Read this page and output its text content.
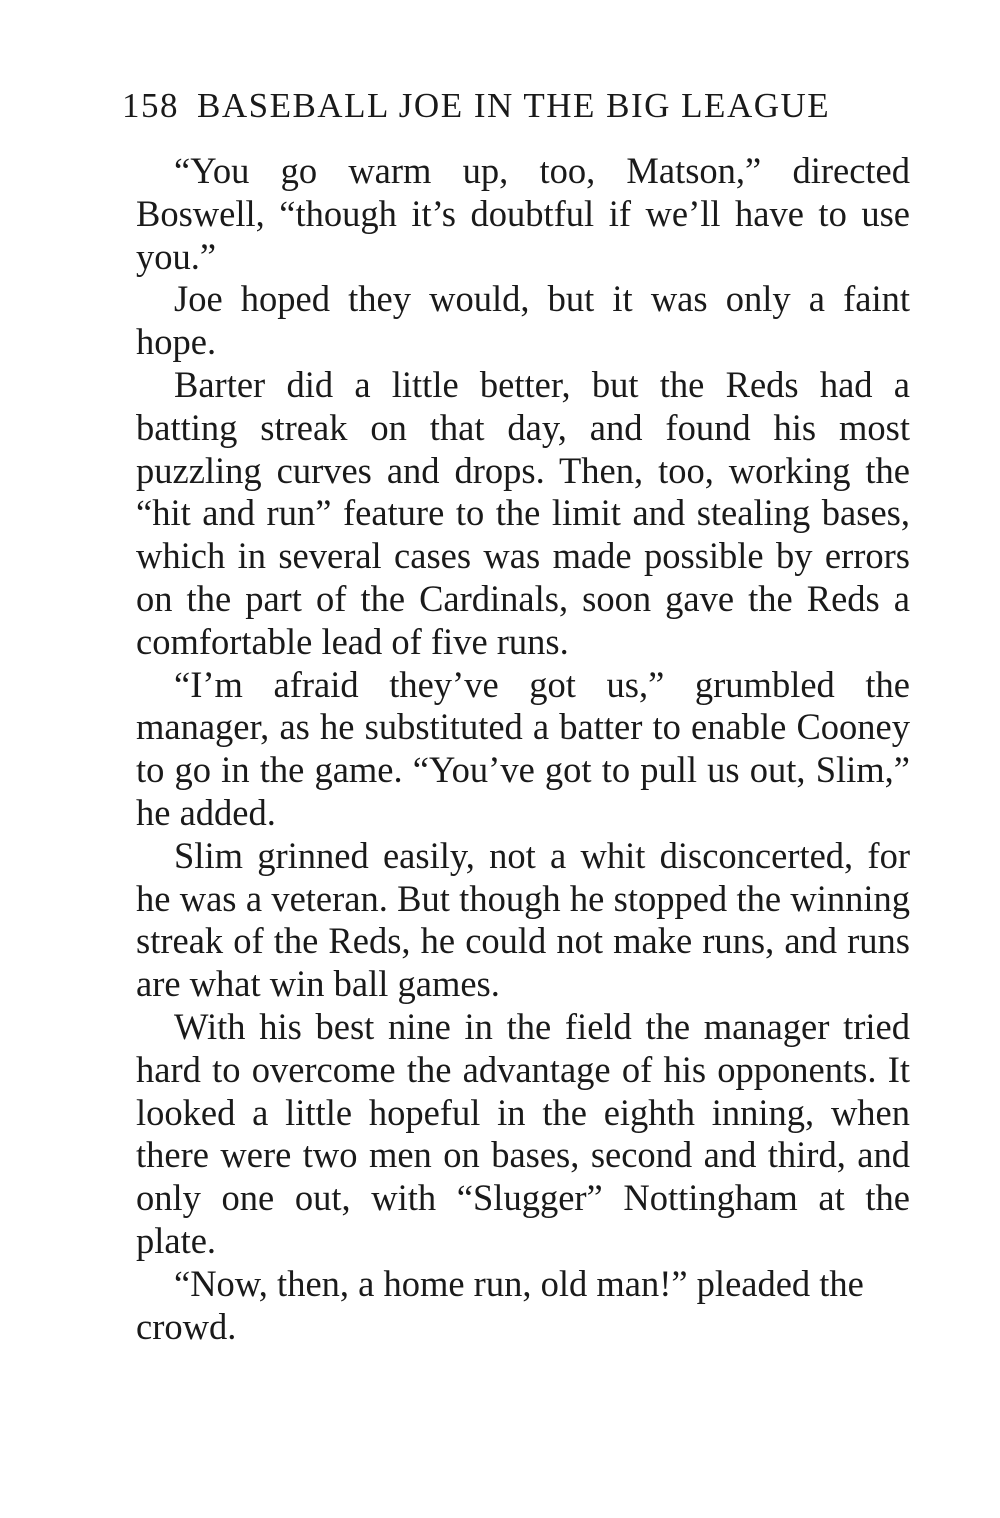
158 BASEBALL JOE IN THE BIG LEAGUE

“You go warm up, too, Matson,” directed Boswell, “though it’s doubtful if we’ll have to use you.”

Joe hoped they would, but it was only a faint hope.

Barter did a little better, but the Reds had a batting streak on that day, and found his most puzzling curves and drops. Then, too, working the “hit and run” feature to the limit and stealing bases, which in several cases was made possible by errors on the part of the Cardinals, soon gave the Reds a comfortable lead of five runs.

“I’m afraid they’ve got us,” grumbled the manager, as he substituted a batter to enable Cooney to go in the game. “You’ve got to pull us out, Slim,” he added.

Slim grinned easily, not a whit disconcerted, for he was a veteran. But though he stopped the winning streak of the Reds, he could not make runs, and runs are what win ball games.

With his best nine in the field the manager tried hard to overcome the advantage of his opponents. It looked a little hopeful in the eighth inning, when there were two men on bases, second and third, and only one out, with “Slugger” Nottingham at the plate.

“Now, then, a home run, old man!” pleaded the crowd.
